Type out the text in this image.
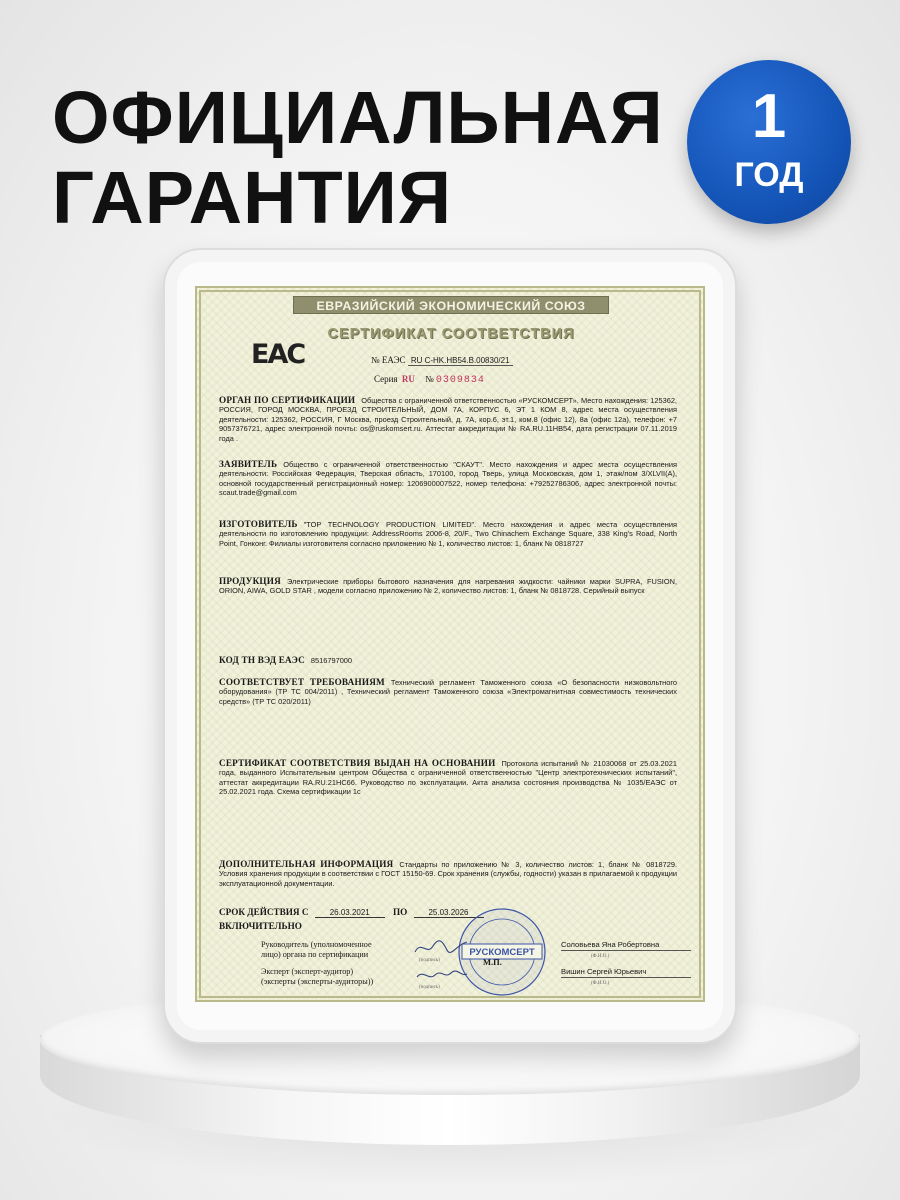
ОФИЦИАЛЬНАЯ
ГАРАНТИЯ
1
ГОД
ЕВРАЗИЙСКИЙ ЭКОНОМИЧЕСКИЙ СОЮЗ
СЕРТИФИКАТ СООТВЕТСТВИЯ
ЕАС	№ ЕАЭС RU C-HK.HB54.B.00830/21
Серия RU № 0309834
ОРГАН ПО СЕРТИФИКАЦИИ Общества с ограниченной ответственностью «РУСКОМСЕРТ». Место нахождения: 125362, РОССИЯ, ГОРОД МОСКВА, ПРОЕЗД СТРОИТЕЛЬНЫЙ, ДОМ 7А, КОРПУС 6, ЭТ 1 КОМ 8, адрес места осуществления деятельности: 125362, РОССИЯ, Г Москва, проезд Строительный, д. 7А, кор.6, эт.1, ком.8 (офис 12), 8а (офис 12а), телефон: +7 9057376721, адрес электронной почты: os@ruskomsert.ru. Аттестат аккредитации № RA.RU.11HB54, дата регистрации 07.11.2019 года .
ЗАЯВИТЕЛЬ Общество с ограниченной ответственностью "СКАУТ". Место нахождения и адрес места осуществления деятельности: Российская Федерация, Тверская область, 170100, город Тверь, улица Московская, дом 1, этаж/пом 3/XLVII(A), основной государственный регистрационный номер: 1206900007522, номер телефона: +79252786306, адрес электронной почты: scaut.trade@gmail.com
ИЗГОТОВИТЕЛЬ "TOP TECHNOLOGY PRODUCTION LIMITED". Место нахождения и адрес места осуществления деятельности по изготовлению продукции: AddressRooms 2006-8, 20/F., Two Chinachem Exchange Square, 338 King's Road, North Point, Гонконг. Филиалы изготовителя согласно приложению № 1, количество листов: 1, бланк № 0818727
ПРОДУКЦИЯ Электрические приборы бытового назначения для нагревания жидкости: чайники марки SUPRA, FUSION, ORION, AIWA, GOLD STAR , модели согласно приложению № 2, количество листов: 1, бланк № 0818728. Серийный выпуск
КОД ТН ВЭД ЕАЭС 8516797000
СООТВЕТСТВУЕТ ТРЕБОВАНИЯМ Технический регламент Таможенного союза «О безопасности низковольтного оборудования» (ТР ТС 004/2011) , Технический регламент Таможенного союза «Электромагнитная совместимость технических средств» (ТР ТС 020/2011)
СЕРТИФИКАТ СООТВЕТСТВИЯ ВЫДАН НА ОСНОВАНИИ Протокола испытаний № 21030068 от 25.03.2021 года, выданного Испытательным центром Общества с ограниченной ответственностью "Центр электротехнических испытаний", аттестат аккредитации RA.RU.21HC66. Руководство по эксплуатации. Акта анализа состояния производства № 1035/ЕАЭС от 25.02.2021 года. Схема сертификации 1с
ДОПОЛНИТЕЛЬНАЯ ИНФОРМАЦИЯ Стандарты по приложению № 3, количество листов: 1, бланк № 0818729. Условия хранения продукции в соответствии с ГОСТ 15150-69. Срок хранения (службы, годности) указан в прилагаемой к продукции эксплуатационной документации.
СРОК ДЕЙСТВИЯ С	26.03.2021	ПО	25.03.2026
ВКЛЮЧИТЕЛЬНО
РУСКОМСЕРТ
Руководитель (уполномоченное
лицо) органа по сертификации
(подпись)
Соловьева Яна Робертовна
(Ф.И.О.)
М.П.
Эксперт (эксперт-аудитор)
(эксперты (эксперты-аудиторы))
(подпись)
Вишин Сергей Юрьевич
(Ф.И.О.)
